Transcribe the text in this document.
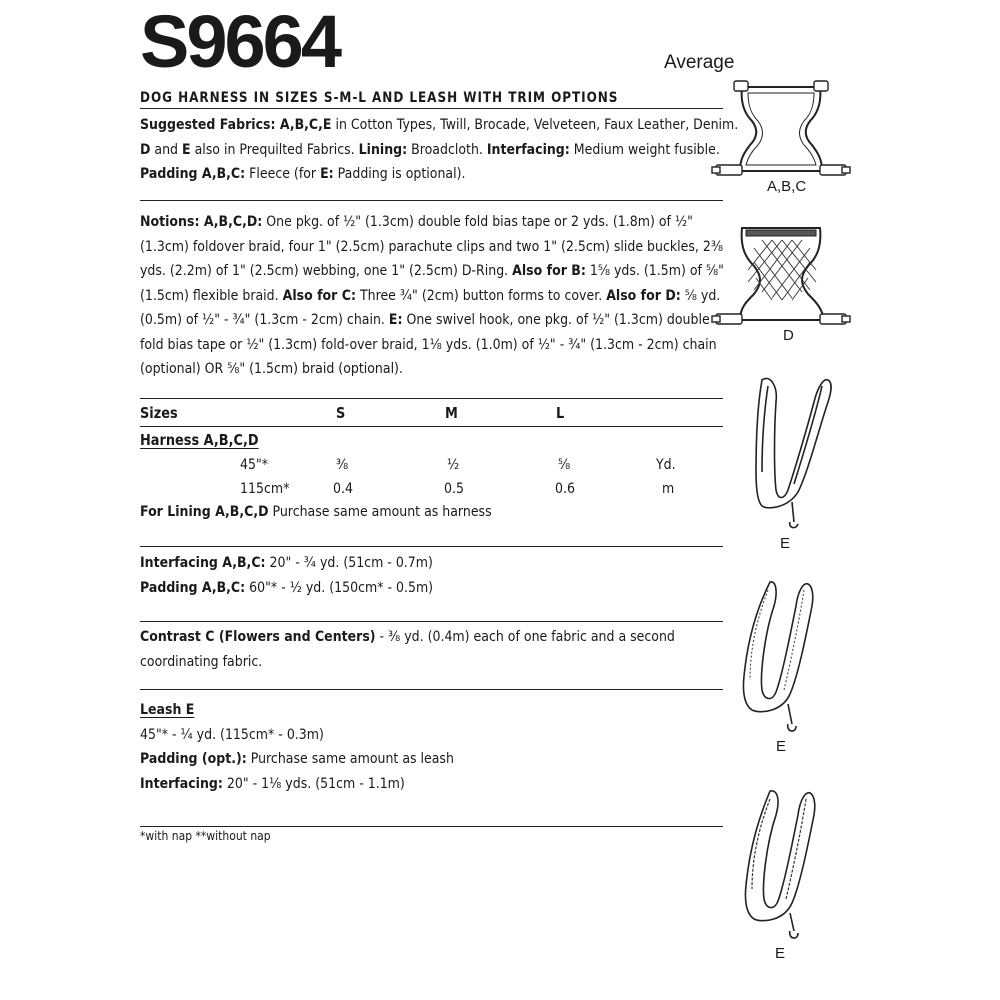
S9664	Average
DOG HARNESS IN SIZES S-M-L AND LEASH WITH TRIM OPTIONS
Suggested Fabrics: A,B,C,E in Cotton Types, Twill, Brocade, Velveteen, Faux Leather, Denim.
D and E also in Prequilted Fabrics. Lining: Broadcloth. Interfacing: Medium weight fusible.
Padding A,B,C: Fleece (for E: Padding is optional).
Notions: A,B,C,D: One pkg. of ½" (1.3cm) double fold bias tape or 2 yds. (1.8m) of ½"
(1.3cm) foldover braid, four 1" (2.5cm) parachute clips and two 1" (2.5cm) slide buckles, 2⅜
yds. (2.2m) of 1" (2.5cm) webbing, one 1" (2.5cm) D-Ring. Also for B: 1⅝ yds. (1.5m) of ⅝"
(1.5cm) flexible braid. Also for C: Three ¾" (2cm) button forms to cover. Also for D: ⅝ yd.
(0.5m) of ½" - ¾" (1.3cm - 2cm) chain. E: One swivel hook, one pkg. of ½" (1.3cm) double
fold bias tape or ½" (1.3cm) fold-over braid, 1⅛ yds. (1.0m) of ½" - ¾" (1.3cm - 2cm) chain
(optional) OR ⅝" (1.5cm) braid (optional).
Sizes	S	M	L
Harness A,B,C,D
45"*	⅜	½	⅝	Yd.
115cm*	0.4	0.5	0.6	m
For Lining A,B,C,D Purchase same amount as harness
Interfacing A,B,C: 20" - ¾ yd. (51cm - 0.7m)
Padding A,B,C: 60"* - ½ yd. (150cm* - 0.5m)
Contrast C (Flowers and Centers) - ⅜ yd. (0.4m) each of one fabric and a second
coordinating fabric.
Leash E
45"* - ¼ yd. (115cm* - 0.3m)
Padding (opt.): Purchase same amount as leash
Interfacing: 20" - 1⅛ yds. (51cm - 1.1m)
*with nap **without nap
A,B,C
D
E
E
E
